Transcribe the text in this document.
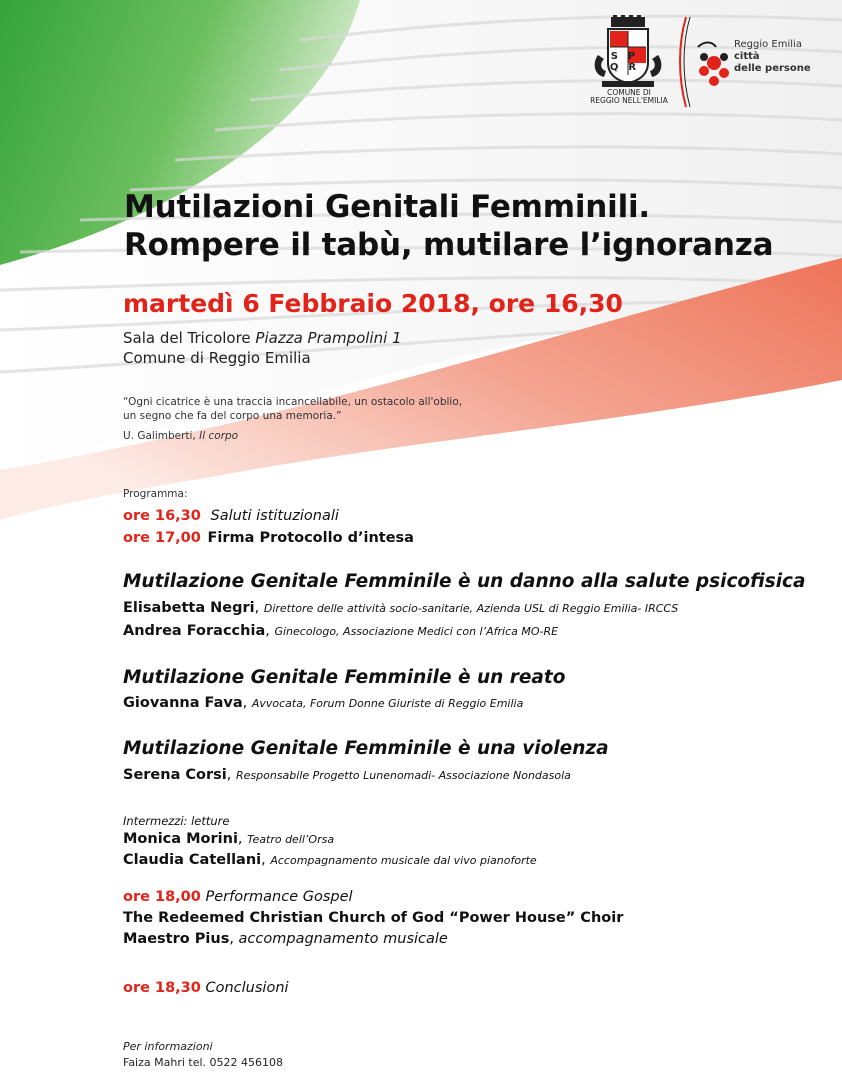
SP
QR
COMUNE DI
REGGIO NELL'EMILIA
Reggio Emilia
città
delle persone
Mutilazioni Genitali Femminili.
Rompere il tabù, mutilare l’ignoranza
martedì 6 Febbraio 2018, ore 16,30
Sala del Tricolore Piazza Prampolini 1
Comune di Reggio Emilia
“Ogni cicatrice è una traccia incancellabile, un ostacolo all'oblio,
un segno che fa del corpo una memoria.”
U. Galimberti, Il corpo
Programma:
ore 16,30 Saluti istituzionali
ore 17,00 Firma Protocollo d’intesa
Mutilazione Genitale Femminile è un danno alla salute psicofisica
Elisabetta Negri, Direttore delle attività socio-sanitarie, Azienda USL di Reggio Emilia- IRCCS
Andrea Foracchia, Ginecologo, Associazione Medici con l’Africa MO-RE
Mutilazione Genitale Femminile è un reato
Giovanna Fava, Avvocata, Forum Donne Giuriste di Reggio Emilia
Mutilazione Genitale Femminile è una violenza
Serena Corsi, Responsabile Progetto Lunenomadi- Associazione Nondasola
Intermezzi: letture
Monica Morini, Teatro dell’Orsa
Claudia Catellani, Accompagnamento musicale dal vivo pianoforte
ore 18,00 Performance Gospel
The Redeemed Christian Church of God “Power House” Choir
Maestro Pius, accompagnamento musicale
ore 18,30 Conclusioni
Per informazioni
Faiza Mahri tel. 0522 456108
